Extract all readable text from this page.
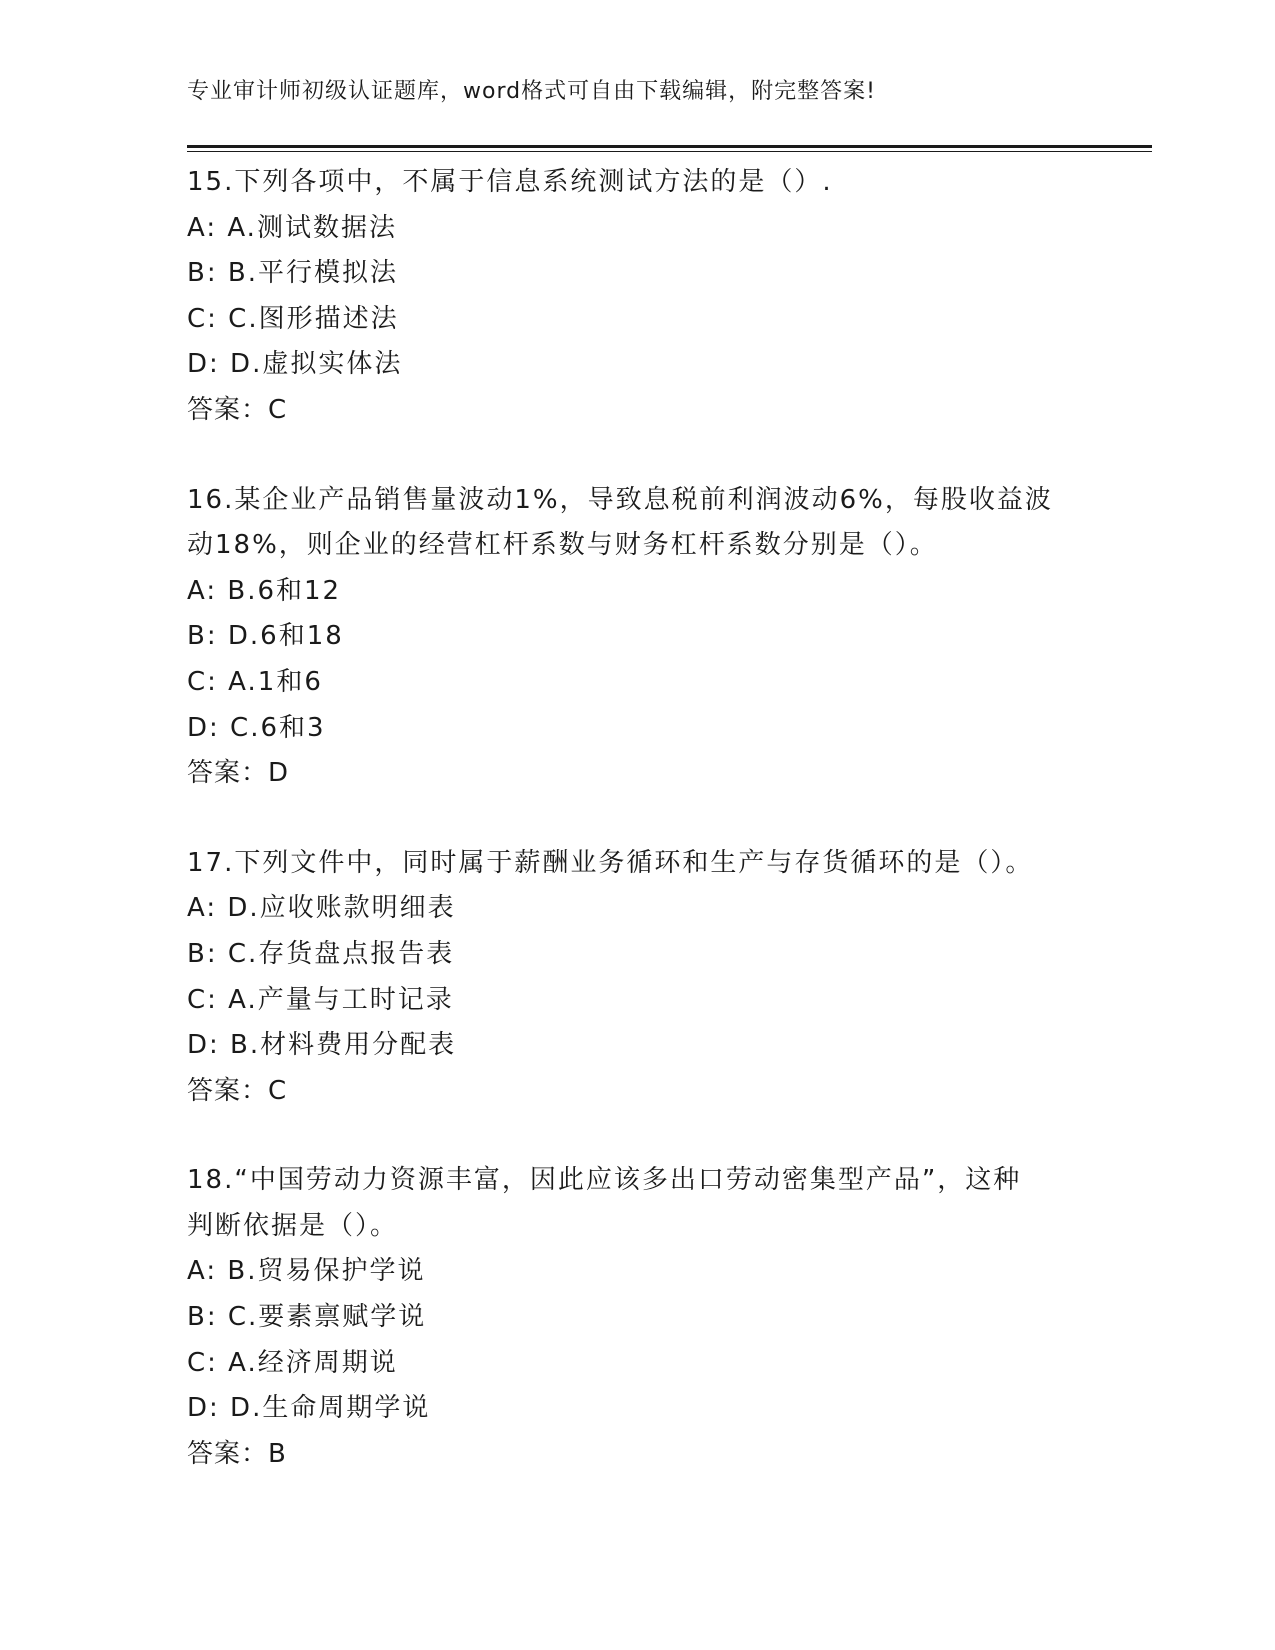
专业审计师初级认证题库，word格式可自由下载编辑，附完整答案!
15.下列各项中，不属于信息系统测试方法的是（）.
A: A.测试数据法
B: B.平行模拟法
C: C.图形描述法
D: D.虚拟实体法
答案：C
16.某企业产品销售量波动1%，导致息税前利润波动6%，每股收益波
动18%，则企业的经营杠杆系数与财务杠杆系数分别是（）。
A: B.6和12
B: D.6和18
C: A.1和6
D: C.6和3
答案：D
17.下列文件中，同时属于薪酬业务循环和生产与存货循环的是（）。
A: D.应收账款明细表
B: C.存货盘点报告表
C: A.产量与工时记录
D: B.材料费用分配表
答案：C
18.“中国劳动力资源丰富，因此应该多出口劳动密集型产品”，这种
判断依据是（）。
A: B.贸易保护学说
B: C.要素禀赋学说
C: A.经济周期说
D: D.生命周期学说
答案：B
